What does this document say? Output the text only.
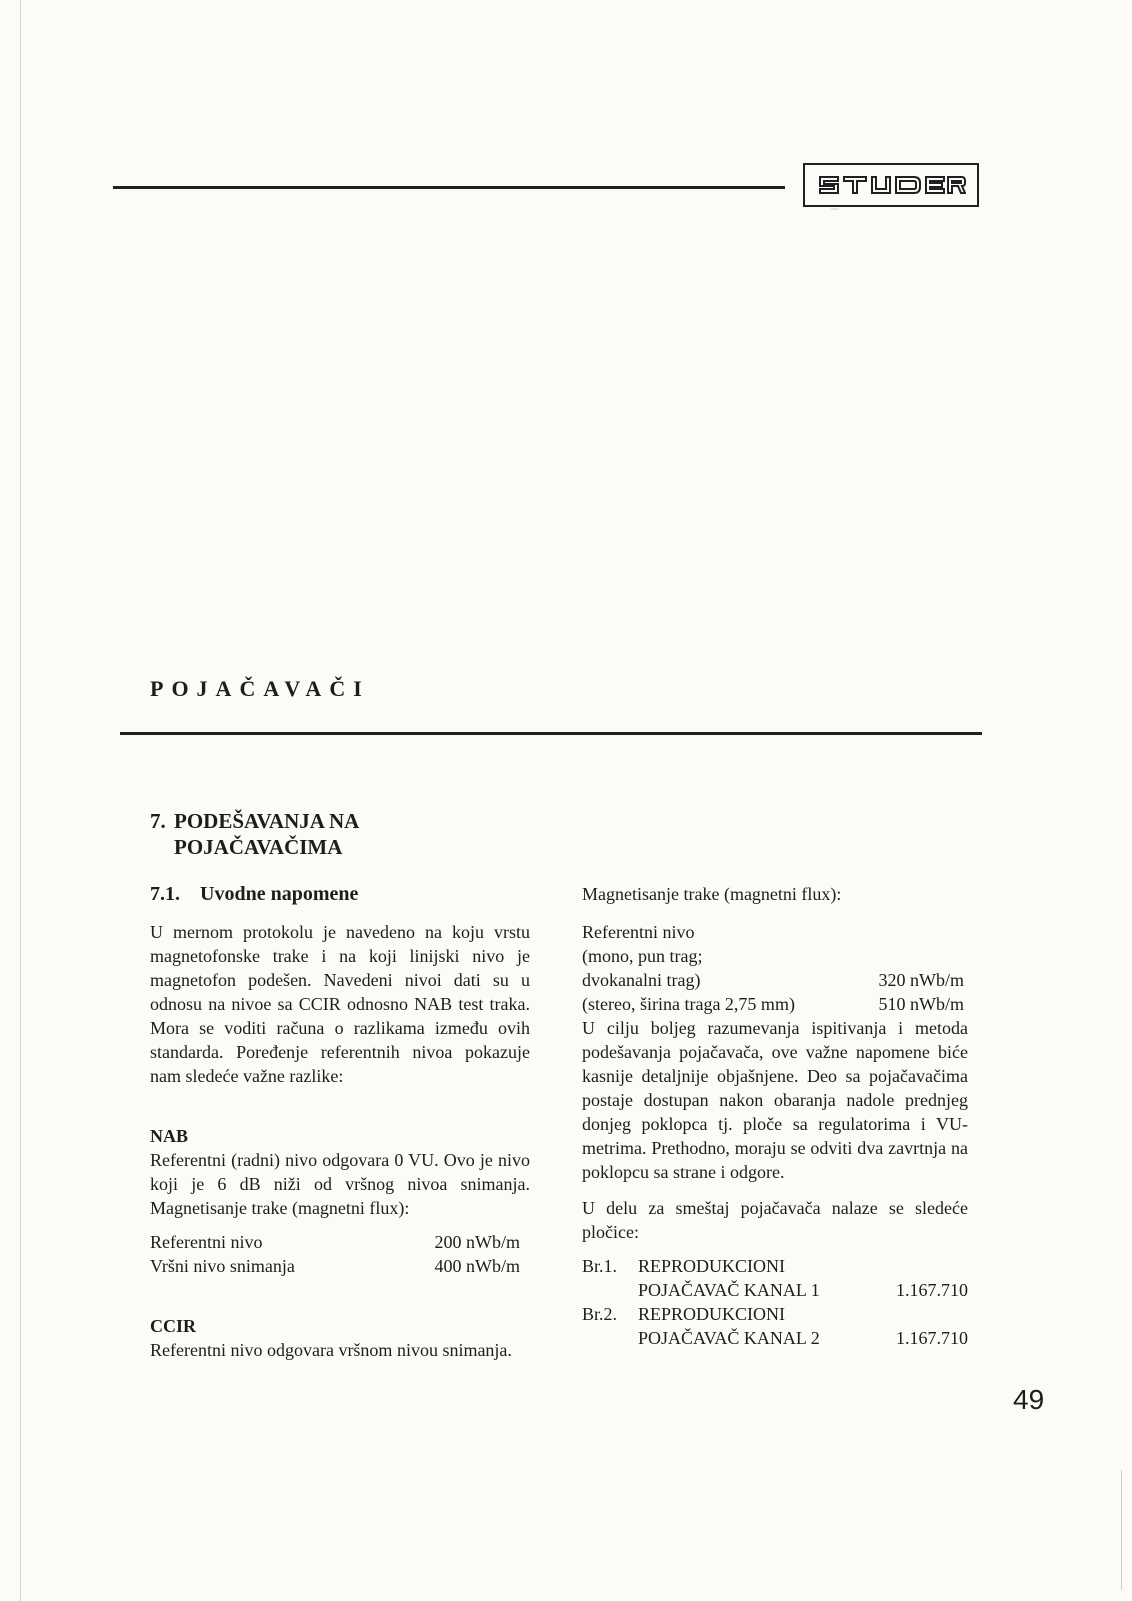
POJAČAVAČI
7. PODEŠAVANJA NA
POJAČAVAČIMA
7.1. Uvodne napomene

U mernom protokolu je navedeno na koju vrstu magnetofonske trake i na koji linijski nivo je magnetofon podešen. Navedeni nivoi dati su u odnosu na nivoe sa CCIR odnosno NAB test traka. Mora se voditi računa o razlikama između ovih standarda. Poređenje referentnih nivoa pokazuje nam sledeće važne razlike:

NAB

Referentni (radni) nivo odgovara 0 VU. Ovo je nivo koji je 6 dB niži od vršnog nivoa snimanja. Magnetisanje trake (magnetni flux):

Referentni nivo	200 nWb/m
Vršni nivo snimanja	400 nWb/m
CCIR

Referentni nivo odgovara vršnom nivou snimanja.

Magnetisanje trake (magnetni flux):

Referentni nivo
(mono, pun trag;
dvokanalni trag)	320 nWb/m
(stereo, širina traga 2,75 mm)	510 nWb/m

U cilju boljeg razumevanja ispitivanja i metoda podešavanja pojačavača, ove važne napomene biće kasnije detaljnije objašnjene. Deo sa pojačavačima postaje dostupan nakon obaranja nadole prednjeg donjeg poklopca tj. ploče sa regulatorima i VU-metrima. Prethodno, moraju se odviti dva zavrtnja na poklopcu sa strane i odgore.

U delu za smeštaj pojačavača nalaze se sledeće pločice:

Br.1.	REPRODUKCIONI
POJAČAVAČ KANAL 1	1.167.710
Br.2.	REPRODUKCIONI
POJAČAVAČ KANAL 2	1.167.710
49
